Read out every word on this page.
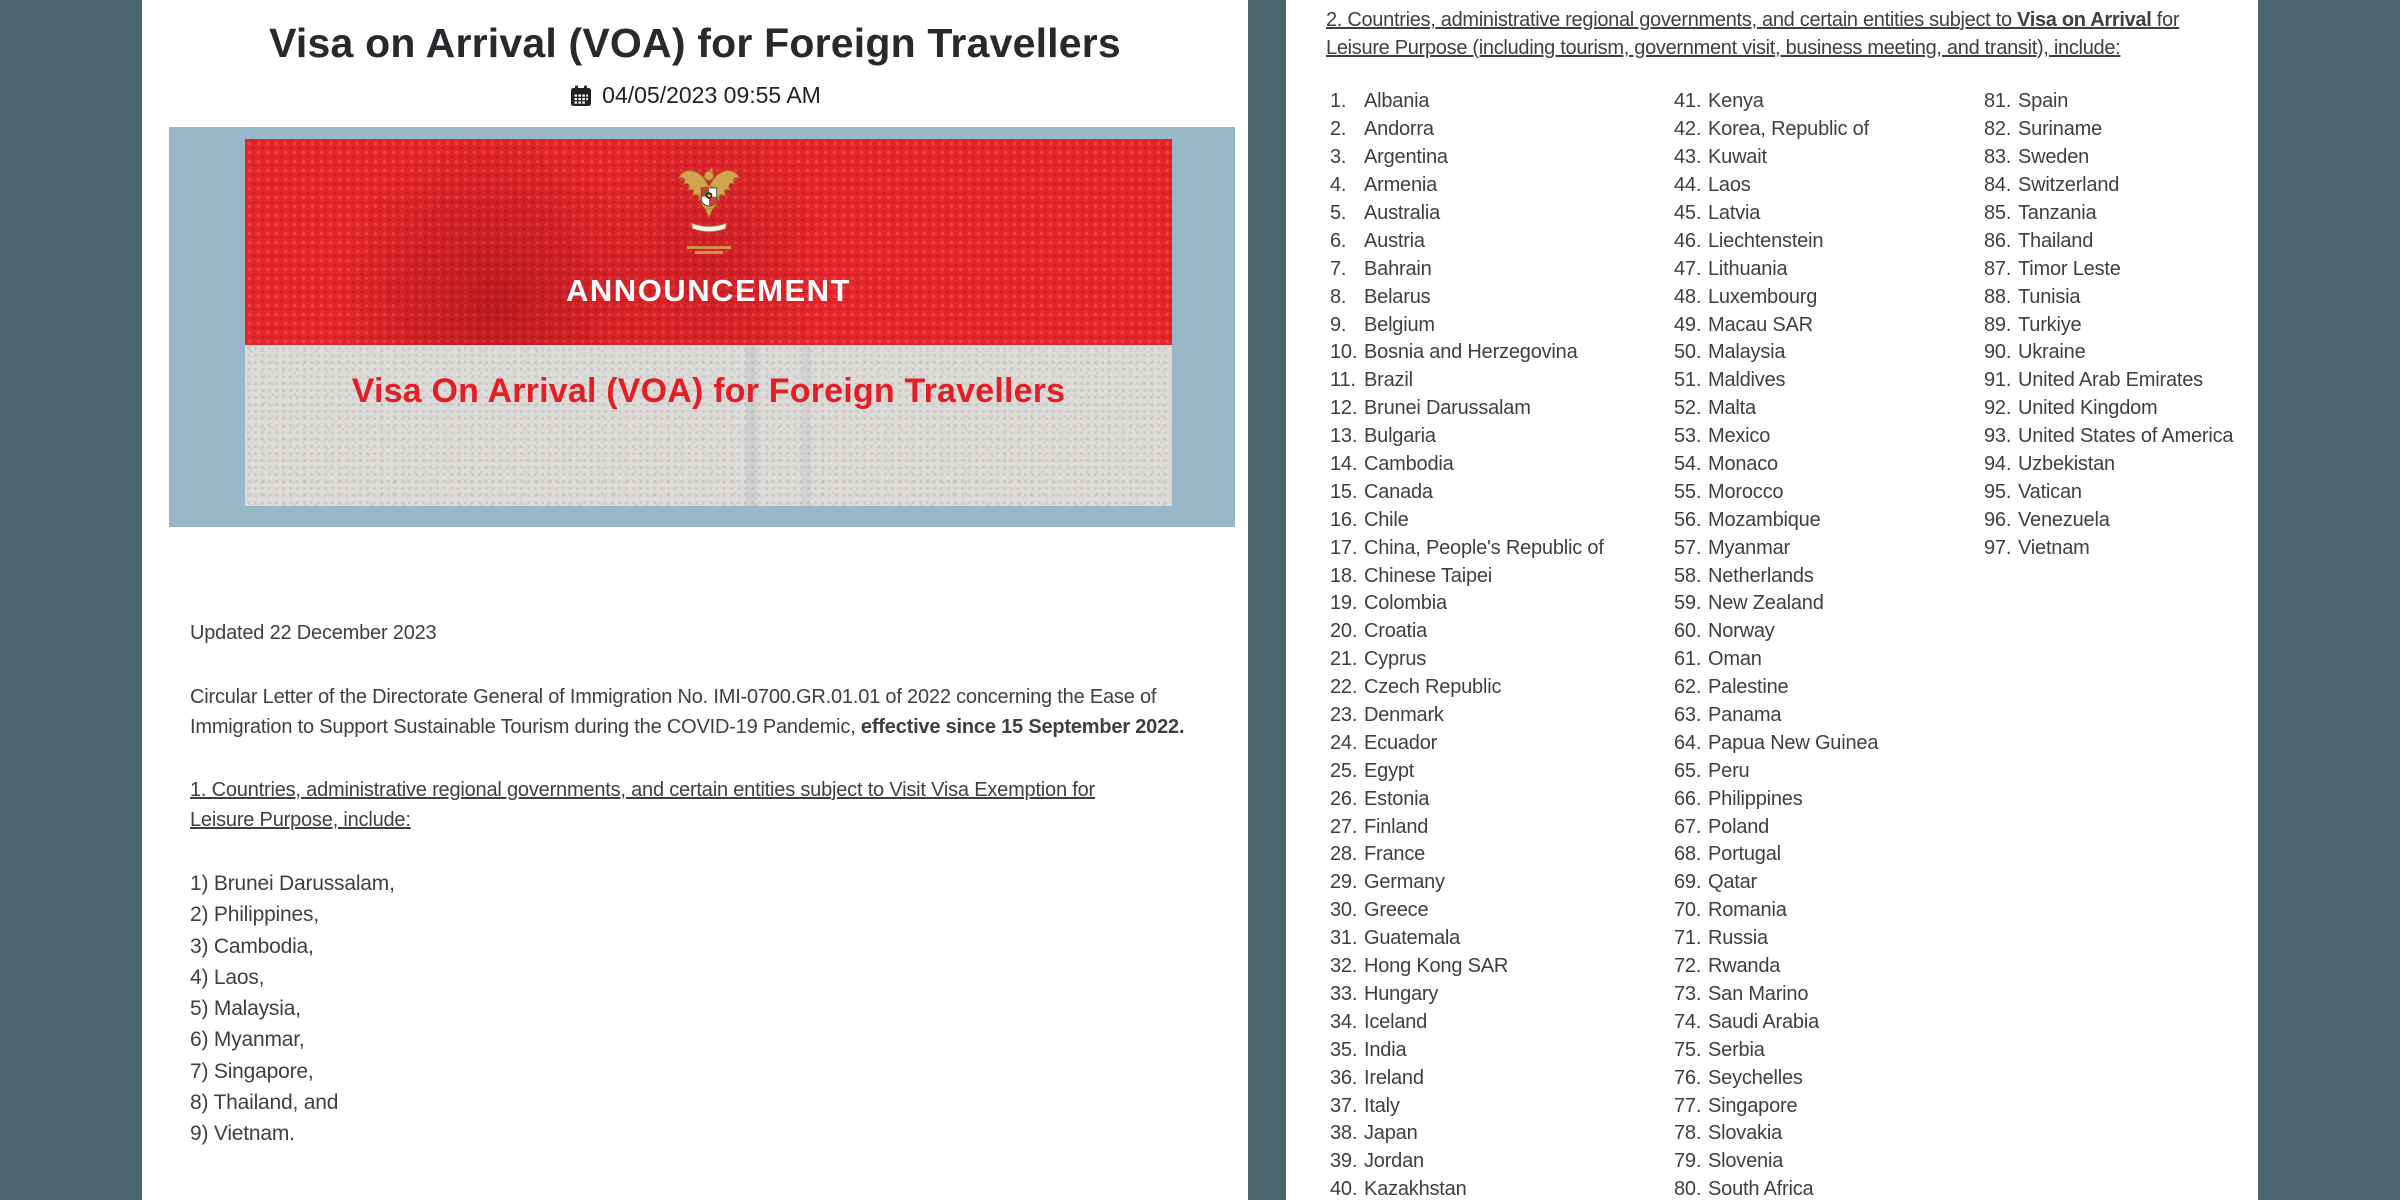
Visa on Arrival (VOA) for Foreign Travellers
04/05/2023 09:55 AM

ANNOUNCEMENT

Visa On Arrival (VOA) for Foreign Travellers

Updated 22 December 2023

Circular Letter of the Directorate General of Immigration No. IMI-0700.GR.01.01 of 2022 concerning the Ease of Immigration to Support Sustainable Tourism during the COVID-19 Pandemic, effective since 15 September 2022.

1. Countries, administrative regional governments, and certain entities subject to Visit Visa Exemption for
Leisure Purpose, include:

1) Brunei Darussalam,
2) Philippines,
3) Cambodia,
4) Laos,
5) Malaysia,
6) Myanmar,
7) Singapore,
8) Thailand, and
9) Vietnam.

2. Countries, administrative regional governments, and certain entities subject to Visa on Arrival for
Leisure Purpose (including tourism, government visit, business meeting, and transit), include:

1. Albania
2. Andorra
3. Argentina
4. Armenia
5. Australia
6. Austria
7. Bahrain
8. Belarus
9. Belgium
10. Bosnia and Herzegovina
11. Brazil
12. Brunei Darussalam
13. Bulgaria
14. Cambodia
15. Canada
16. Chile
17. China, People's Republic of
18. Chinese Taipei
19. Colombia
20. Croatia
21. Cyprus
22. Czech Republic
23. Denmark
24. Ecuador
25. Egypt
26. Estonia
27. Finland
28. France
29. Germany
30. Greece
31. Guatemala
32. Hong Kong SAR
33. Hungary
34. Iceland
35. India
36. Ireland
37. Italy
38. Japan
39. Jordan
40. Kazakhstan
41. Kenya
42. Korea, Republic of
43. Kuwait
44. Laos
45. Latvia
46. Liechtenstein
47. Lithuania
48. Luxembourg
49. Macau SAR
50. Malaysia
51. Maldives
52. Malta
53. Mexico
54. Monaco
55. Morocco
56. Mozambique
57. Myanmar
58. Netherlands
59. New Zealand
60. Norway
61. Oman
62. Palestine
63. Panama
64. Papua New Guinea
65. Peru
66. Philippines
67. Poland
68. Portugal
69. Qatar
70. Romania
71. Russia
72. Rwanda
73. San Marino
74. Saudi Arabia
75. Serbia
76. Seychelles
77. Singapore
78. Slovakia
79. Slovenia
80. South Africa
81. Spain
82. Suriname
83. Sweden
84. Switzerland
85. Tanzania
86. Thailand
87. Timor Leste
88. Tunisia
89. Turkiye
90. Ukraine
91. United Arab Emirates
92. United Kingdom
93. United States of America
94. Uzbekistan
95. Vatican
96. Venezuela
97. Vietnam
